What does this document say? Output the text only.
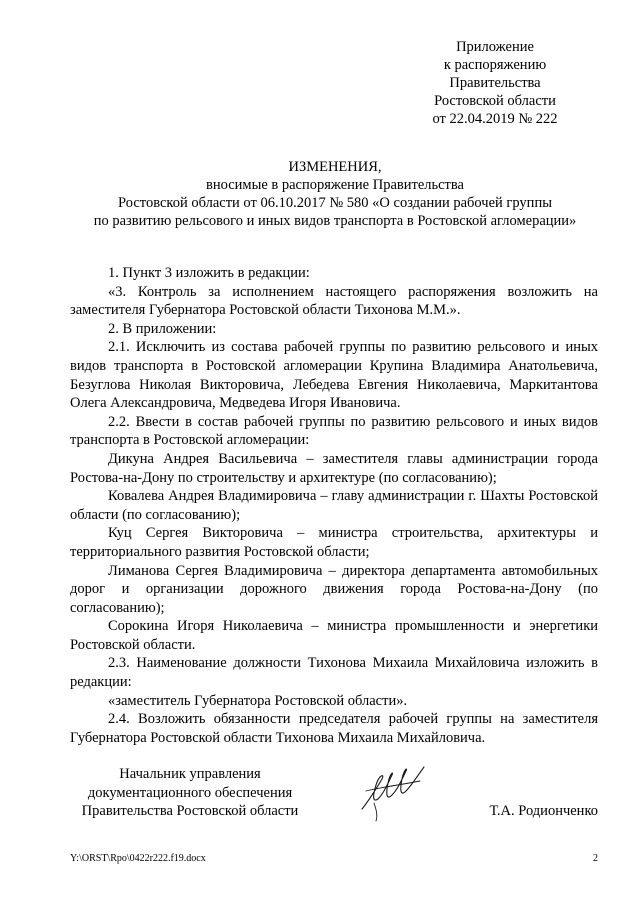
Приложение
к распоряжению
Правительства
Ростовской области
от 22.04.2019 № 222
ИЗМЕНЕНИЯ,
вносимые в распоряжение Правительства
Ростовской области от 06.10.2017 № 580 «О создании рабочей группы
по развитию рельсового и иных видов транспорта в Ростовской агломерации»

1. Пункт 3 изложить в редакции:

«3. Контроль за исполнением настоящего распоряжения возложить на заместителя Губернатора Ростовской области Тихонова М.М.».

2. В приложении:

2.1. Исключить из состава рабочей группы по развитию рельсового и иных видов транспорта в Ростовской агломерации Крупина Владимира Анатольевича, Безуглова Николая Викторовича, Лебедева Евгения Николаевича, Маркитантова Олега Александровича, Медведева Игоря Ивановича.

2.2. Ввести в состав рабочей группы по развитию рельсового и иных видов транспорта в Ростовской агломерации:

Дикуна Андрея Васильевича – заместителя главы администрации города Ростова-на-Дону по строительству и архитектуре (по согласованию);

Ковалева Андрея Владимировича – главу администрации г. Шахты Ростовской области (по согласованию);

Куц Сергея Викторовича – министра строительства, архитектуры и территориального развития Ростовской области;

Лиманова Сергея Владимировича – директора департамента автомобильных дорог и организации дорожного движения города Ростова-на-Дону (по согласованию);

Сорокина Игоря Николаевича – министра промышленности и энергетики Ростовской области.

2.3. Наименование должности Тихонова Михаила Михайловича изложить в редакции:

«заместитель Губернатора Ростовской области».

2.4. Возложить обязанности председателя рабочей группы на заместителя Губернатора Ростовской области Тихонова Михаила Михайловича.

Начальник управления
документационного обеспечения
Правительства Ростовской области	Т.А. Родионченко
Y:\ORST\Rpo\0422r222.f19.docx	2
